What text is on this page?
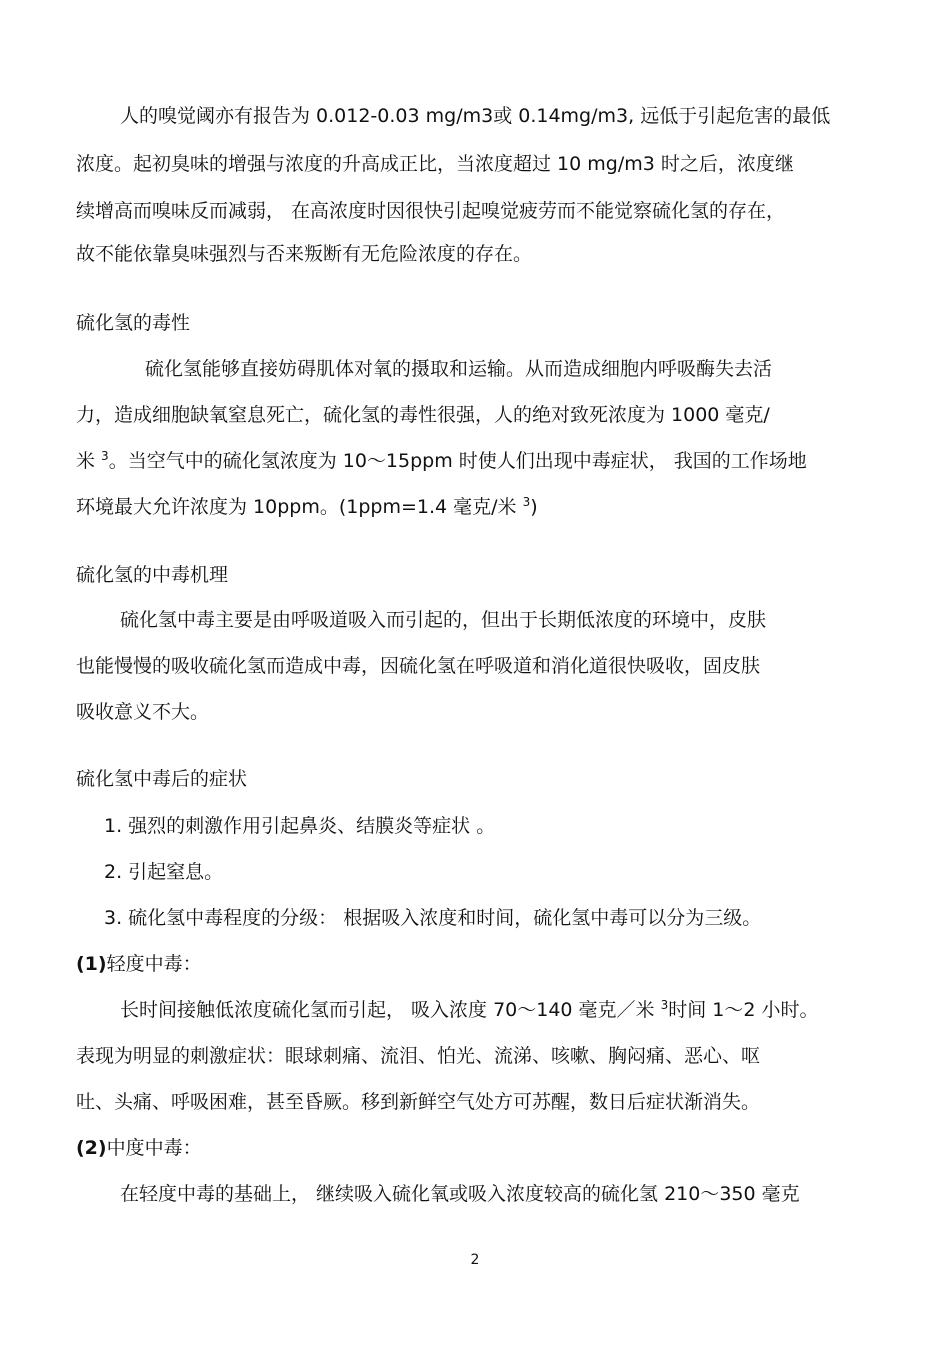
人的嗅觉阈亦有报告为 0.012-0.03 mg/m3或 0.14mg/m3, 远低于引起危害的最低
浓度。起初臭味的增强与浓度的升高成正比，当浓度超过 10 mg/m3 时之后，浓度继
续增高而嗅味反而减弱， 在高浓度时因很快引起嗅觉疲劳而不能觉察硫化氢的存在，
故不能依靠臭味强烈与否来叛断有无危险浓度的存在。
硫化氢的毒性
硫化氢能够直接妨碍肌体对氧的摄取和运输。从而造成细胞内呼吸酶失去活
力，造成细胞缺氧窒息死亡，硫化氢的毒性很强，人的绝对致死浓度为 1000 毫克/
米 $^3$。当空气中的硫化氢浓度为 10～15ppm 时使人们出现中毒症状， 我国的工作场地
环境最大允许浓度为 10ppm。(1ppm=1.4 毫克/米 $^3$)
硫化氢的中毒机理
硫化氢中毒主要是由呼吸道吸入而引起的，但出于长期低浓度的环境中，皮肤
也能慢慢的吸收硫化氢而造成中毒，因硫化氢在呼吸道和消化道很快吸收，固皮肤
吸收意义不大。
硫化氢中毒后的症状
1. 强烈的刺激作用引起鼻炎、结膜炎等症状 。
2. 引起窒息。
3. 硫化氢中毒程度的分级： 根据吸入浓度和时间，硫化氢中毒可以分为三级。
(1)轻度中毒：
长时间接触低浓度硫化氢而引起， 吸入浓度 70～140 毫克／米 $^3$时间 1～2 小时。
表现为明显的刺激症状：眼球刺痛、流泪、怕光、流涕、咳嗽、胸闷痛、恶心、呕
吐、头痛、呼吸困难，甚至昏厥。移到新鲜空气处方可苏醒，数日后症状渐消失。
(2)中度中毒：
在轻度中毒的基础上， 继续吸入硫化氧或吸入浓度较高的硫化氢 210～350 毫克
2
